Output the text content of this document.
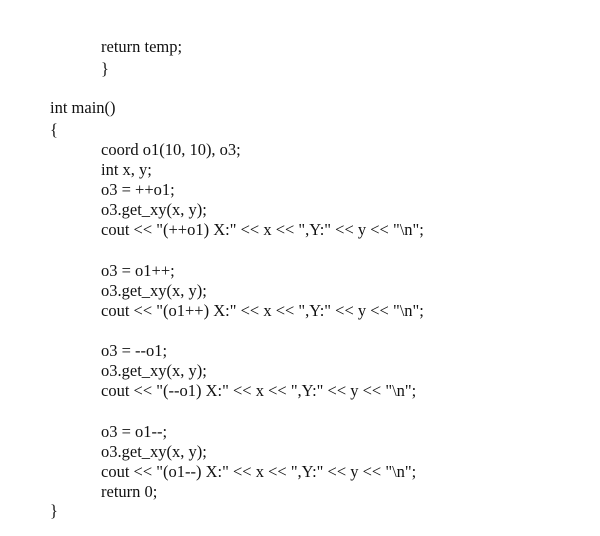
return temp;
}
int main()
{
coord o1(10, 10), o3;
int x, y;
o3 = ++o1;
o3.get_xy(x, y);
cout << "(++o1) X:" << x << ",Y:" << y << "\n";
o3 = o1++;
o3.get_xy(x, y);
cout << "(o1++) X:" << x << ",Y:" << y << "\n";
o3 = --o1;
o3.get_xy(x, y);
cout << "(--o1) X:" << x << ",Y:" << y << "\n";
o3 = o1--;
o3.get_xy(x, y);
cout << "(o1--) X:" << x << ",Y:" << y << "\n";
return 0;
}
